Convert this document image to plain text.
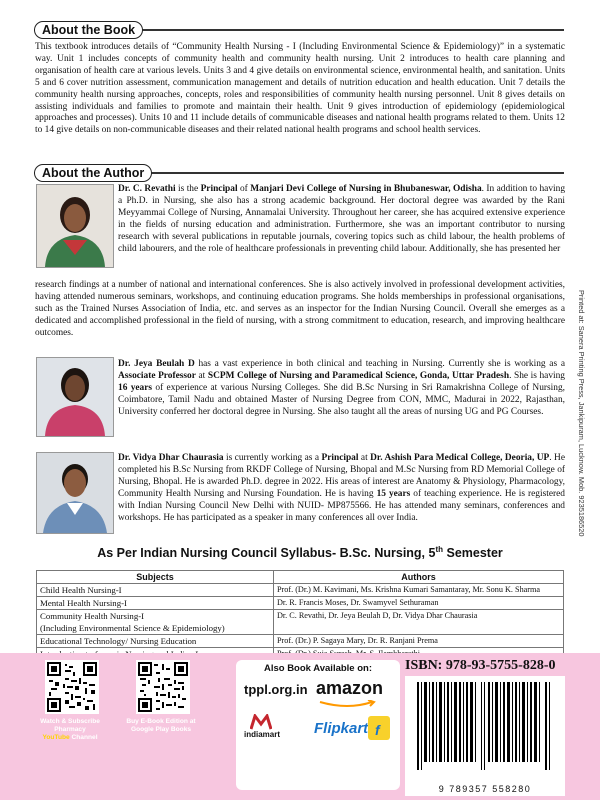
About the Book
This textbook introduces details of “Community Health Nursing - I (Including Environmental Science & Epidemiology)” in a systematic way. Unit 1 includes concepts of community health and community health nursing. Unit 2 introduces to health care planning and organisation of health care at various levels. Units 3 and 4 give details on environmental science, environmental health, and sanitation. Units 5 and 6 cover nutrition assessment, communication management and details of nutrition education and health education. Unit 7 details the community health nursing approaches, concepts, roles and responsibilities of community health nursing personnel. Unit 8 gives details on assisting individuals and families to promote and maintain their health. Unit 9 gives introduction of epidemiology (epidemiological approaches and processes). Units 10 and 11 include details of communicable diseases and national health programs related to them. Units 12 to 14 give details on non-communicable diseases and their related national health programs and school health services.
About the Author
Dr. C. Revathi is the Principal of Manjari Devi College of Nursing in Bhubaneswar, Odisha. In addition to having a Ph.D. in Nursing, she also has a strong academic background. Her doctoral degree was awarded by the Rani Meyyammai College of Nursing, Annamalai University. Throughout her career, she has acquired extensive experience in the fields of nursing education and administration. Furthermore, she was an important contributor to nursing research with several publications in reputable journals, covering topics such as child labour, the health problems of child labourers, and the role of healthcare professionals in preventing child labour. Additionally, she has presented her
research findings at a number of national and international conferences. She is also actively involved in professional development activities, having attended numerous seminars, workshops, and continuing education programs. She holds memberships in professional organisations, such as the Trained Nurses Association of India, etc. and serves as an inspector for the Indian Nursing Council. Overall she emerges as a dedicated and accomplished professional in the field of nursing, with a strong commitment to education, research, and improving healthcare outcomes.
Dr. Jeya Beulah D has a vast experience in both clinical and teaching in Nursing. Currently she is working as a Associate Professor at SCPM College of Nursing and Paramedical Science, Gonda, Uttar Pradesh. She is having 16 years of experience at various Nursing Colleges. She did B.Sc Nursing in Sri Ramakrishna College of Nursing, Coimbatore, Tamil Nadu and obtained Master of Nursing Degree from CON, MMC, Madurai in 2022, Rajasthan, University conferred her doctoral degree in Nursing. She also taught all the areas of nursing UG and PG Courses.
Dr. Vidya Dhar Chaurasia is currently working as a Principal at Dr. Ashish Para Medical College, Deoria, UP. He completed his B.Sc Nursing from RKDF College of Nursing, Bhopal and M.Sc Nursing from RD Memorial College of Nursing, Bhopal. He is awarded Ph.D. degree in 2022. His areas of interest are Anatomy & Physiology, Pharmacology, Community Health Nursing and Nursing Foundation. He is having 15 years of teaching experience. He is registered with Indian Nursing Council New Delhi with NUID- MP875566. He has attended many seminars, conferences and workshops. He has participated as a speaker in many conferences all over India.	Printed at: Sanera Printing Press, Jankipuram, Lucknow. Mob. 9235186520
As Per Indian Nursing Council Syllabus- B.Sc. Nursing, 5th Semester
Subjects	Authors
Child Health Nursing-I	Prof. (Dr.) M. Kavimani, Ms. Krishna Kumari Samantaray, Mr. Sonu K. Sharma
Mental Health Nursing-I	Dr. R. Francis Moses, Dr. Swamyvel Sethuraman

Community Health Nursing-I
(Including Environmental Science & Epidemiology)	Dr. C. Revathi, Dr. Jeya Beulah D, Dr. Vidya Dhar Chaurasia
Educational Technology/ Nursing Education	Prof. (Dr.) P. Sagaya Mary, Dr. R. Ranjani Prema

Watch & Subscribe
Pharmacy
YouTube Channel
Buy E-Book Edition at
Google Play Books
Also Book Available on:
tppl.org.in amazon
indiamart Flipkart f
ISBN: 978-93-5755-828-0
9 789357 558280
